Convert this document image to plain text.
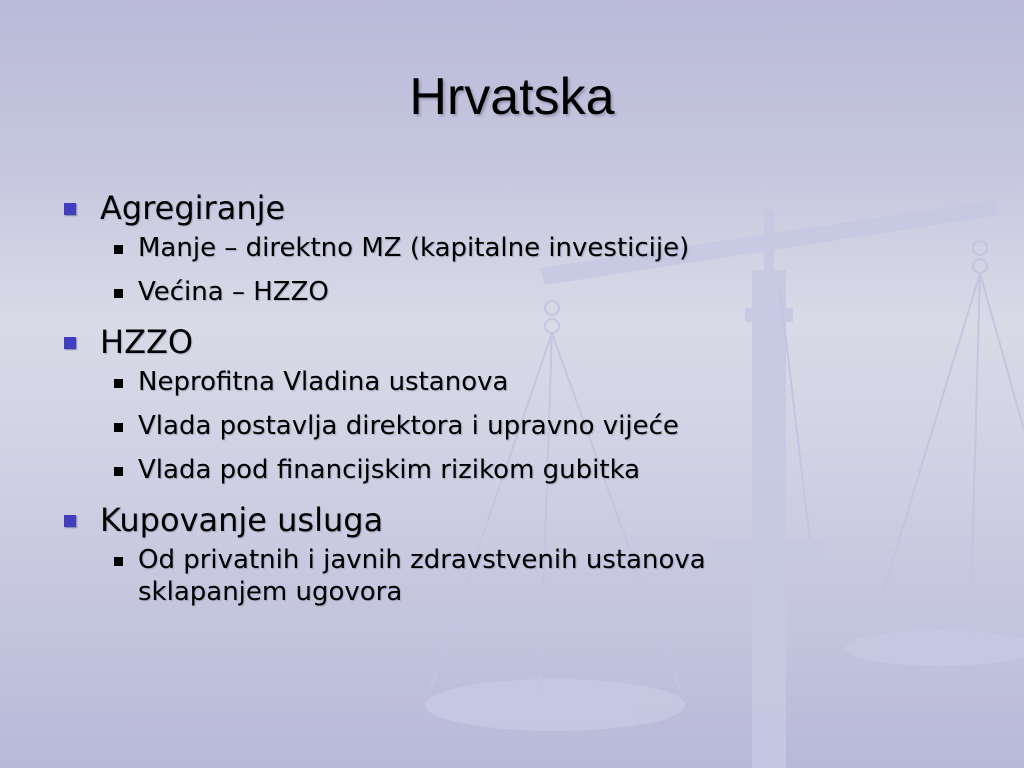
Hrvatska
Agregiranje
Manje – direktno MZ (kapitalne investicije)
Većina – HZZO
HZZO
Neprofitna Vladina ustanova
Vlada postavlja direktora i upravno vijeće
Vlada pod financijskim rizikom gubitka
Kupovanje usluga
Od privatnih i javnih zdravstvenih ustanova sklapanjem ugovora
